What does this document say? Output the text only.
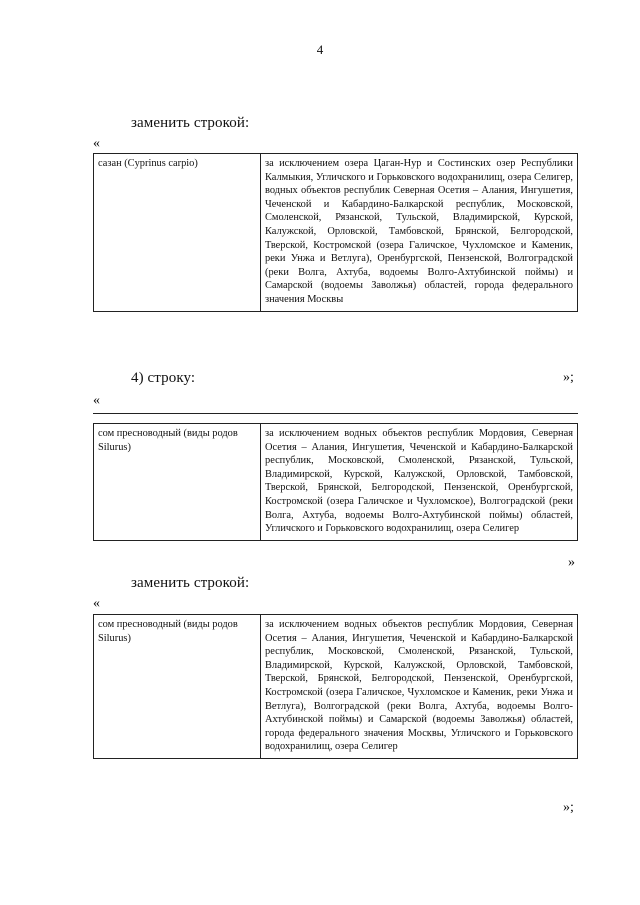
4
заменить строкой:
«
сазан (Cyprinus carpio)	за исключением озера Цаган-Нур и Состинских озер Республики Калмыкия, Угличского и Горьковского водохранилищ, озера Селигер, водных объектов республик Северная Осетия – Алания, Ингушетия, Чеченской и Кабардино-Балкарской республик, Московской, Смоленской, Рязанской, Тульской, Владимирской, Курской, Калужской, Орловской, Тамбовской, Брянской, Белгородской, Тверской, Костромской (озера Галичское, Чухломское и Каменик, реки Унжа и Ветлуга), Оренбургской, Пензенской, Волгоградской (реки Волга, Ахтуба, водоемы Волго-Ахтубинской поймы) и Самарской (водоемы Заволжья) областей, города федерального значения Москвы
»;
4) строку:
«
сом пресноводный (виды родов Silurus)	за исключением водных объектов республик Мордовия, Северная Осетия – Алания, Ингушетия, Чеченской и Кабардино-Балкарской республик, Московской, Смоленской, Рязанской, Тульской, Владимирской, Курской, Калужской, Орловской, Тамбовской, Тверской, Брянской, Белгородской, Пензенской, Оренбургской, Костромской (озера Галичское и Чухломское), Волгоградской (реки Волга, Ахтуба, водоемы Волго-Ахтубинской поймы) областей, Угличского и Горьковского водохранилищ, озера Селигер
»
заменить строкой:
«
сом пресноводный (виды родов Silurus)	за исключением водных объектов республик Мордовия, Северная Осетия – Алания, Ингушетия, Чеченской и Кабардино-Балкарской республик, Московской, Смоленской, Рязанской, Тульской, Владимирской, Курской, Калужской, Орловской, Тамбовской, Тверской, Брянской, Белгородской, Пензенской, Оренбургской, Костромской (озера Галичское, Чухломское и Каменик, реки Унжа и Ветлуга), Волгоградской (реки Волга, Ахтуба, водоемы Волго-Ахтубинской поймы) и Самарской (водоемы Заволжья) областей, города федерального значения Москвы, Угличского и Горьковского водохранилищ, озера Селигер
»;
